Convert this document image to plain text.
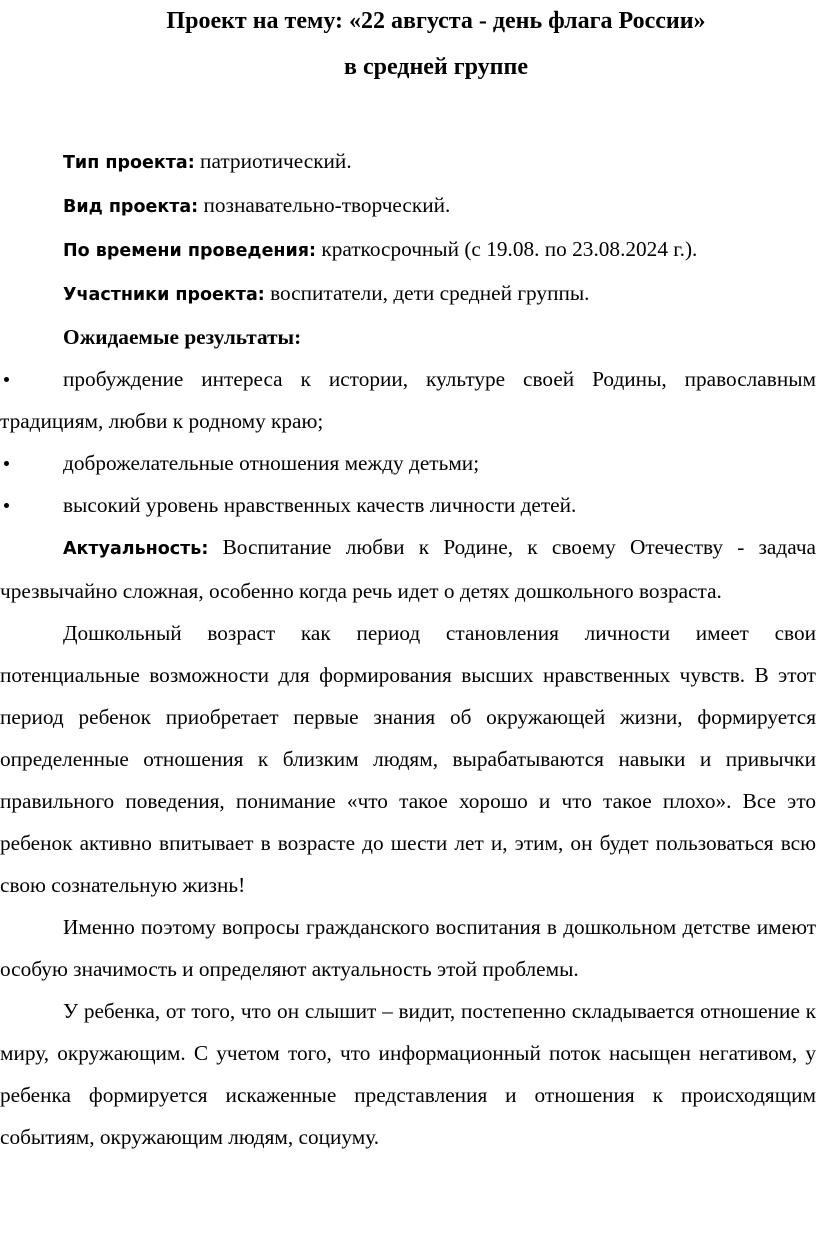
Проект на тему: «22 августа - день флага России»
в средней группе

Тип проекта: патриотический.

Вид проекта: познавательно-творческий.

По времени проведения: краткосрочный (с 19.08. по 23.08.2024 г.).

Участники проекта: воспитатели, дети средней группы.

Ожидаемые результаты:

пробуждение интереса к истории, культуре своей Родины, православным традициям, любви к родному краю;

доброжелательные отношения между детьми;

высокий уровень нравственных качеств личности детей.

Актуальность: Воспитание любви к Родине, к своему Отечеству - задача чрезвычайно сложная, особенно когда речь идет о детях дошкольного возраста.

Дошкольный возраст как период становления личности имеет свои потенциальные возможности для формирования высших нравственных чувств. В этот период ребенок приобретает первые знания об окружающей жизни, формируется определенные отношения к близким людям, вырабатываются навыки и привычки правильного поведения, понимание «что такое хорошо и что такое плохо». Все это ребенок активно впитывает в возрасте до шести лет и, этим, он будет пользоваться всю свою сознательную жизнь!

Именно поэтому вопросы гражданского воспитания в дошкольном детстве имеют особую значимость и определяют актуальность этой проблемы.

У ребенка, от того, что он слышит – видит, постепенно складывается отношение к миру, окружающим. С учетом того, что информационный поток насыщен негативом, у ребенка формируется искаженные представления и отношения к происходящим событиям, окружающим людям, социуму.
